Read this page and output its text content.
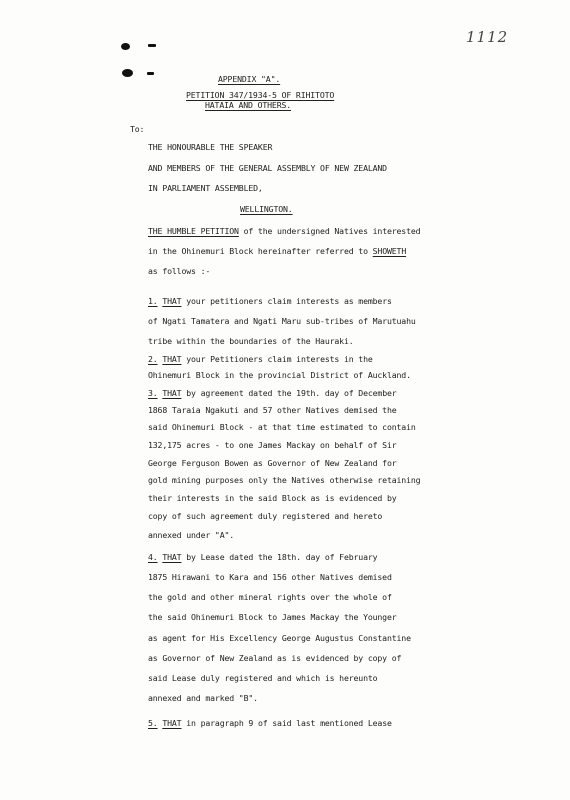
1112
APPENDIX "A".
PETITION 347/1934-5 OF RIHITOTO
HATAIA AND OTHERS.
To:
THE HONOURABLE THE SPEAKER
AND MEMBERS OF THE GENERAL ASSEMBLY OF NEW ZEALAND
IN PARLIAMENT ASSEMBLED,
WELLINGTON.
THE HUMBLE PETITION of the undersigned Natives interested
in the Ohinemuri Block hereinafter referred to SHOWETH
as follows :-
1. THAT your petitioners claim interests as members
of Ngati Tamatera and Ngati Maru sub-tribes of Marutuahu
tribe within the boundaries of the Hauraki.
2. THAT your Petitioners claim interests in the
Ohinemuri Block in the provincial District of Auckland.
3. THAT by agreement dated the 19th. day of December
1868 Taraia Ngakuti and 57 other Natives demised the
said Ohinemuri Block - at that time estimated to contain
132,175 acres - to one James Mackay on behalf of Sir
George Ferguson Bowen as Governor of New Zealand for
gold mining purposes only the Natives otherwise retaining
their interests in the said Block as is evidenced by
copy of such agreement duly registered and hereto
annexed under "A".
4. THAT by Lease dated the 18th. day of February
1875 Hirawani to Kara and 156 other Natives demised
the gold and other mineral rights over the whole of
the said Ohinemuri Block to James Mackay the Younger
as agent for His Excellency George Augustus Constantine
as Governor of New Zealand as is evidenced by copy of
said Lease duly registered and which is hereunto
annexed and marked "B".
5. THAT in paragraph 9 of said last mentioned Lease
